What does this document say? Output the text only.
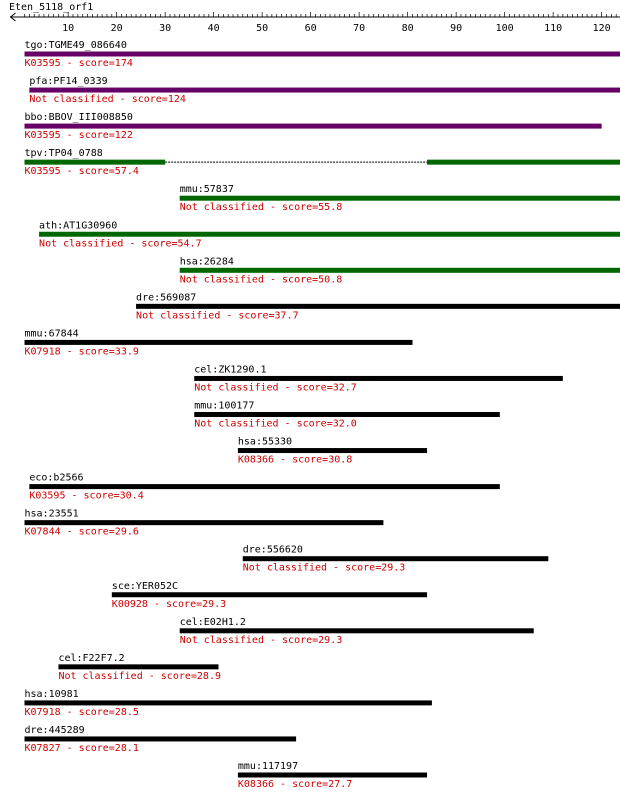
Eten_5118_orf1
10	20	30	40	50	60	70	80	90	100	110	120
tgo:TGME49_086640
K03595 - score=174
pfa:PF14_0339
Not classified - score=124
bbo:BBOV_III008850
K03595 - score=122
tpv:TP04_0788
K03595 - score=57.4
mmu:57837
Not classified - score=55.8
ath:AT1G30960
Not classified - score=54.7
hsa:26284
Not classified - score=50.8
dre:569087
Not classified - score=37.7
mmu:67844
K07918 - score=33.9
cel:ZK1290.1
Not classified - score=32.7
mmu:100177
Not classified - score=32.0
hsa:55330
K08366 - score=30.8
eco:b2566
K03595 - score=30.4
hsa:23551
K07844 - score=29.6
dre:556620
Not classified - score=29.3
sce:YER052C
K00928 - score=29.3
cel:E02H1.2
Not classified - score=29.3
cel:F22F7.2
Not classified - score=28.9
hsa:10981
K07918 - score=28.5
dre:445289
K07827 - score=28.1
mmu:117197
K08366 - score=27.7
